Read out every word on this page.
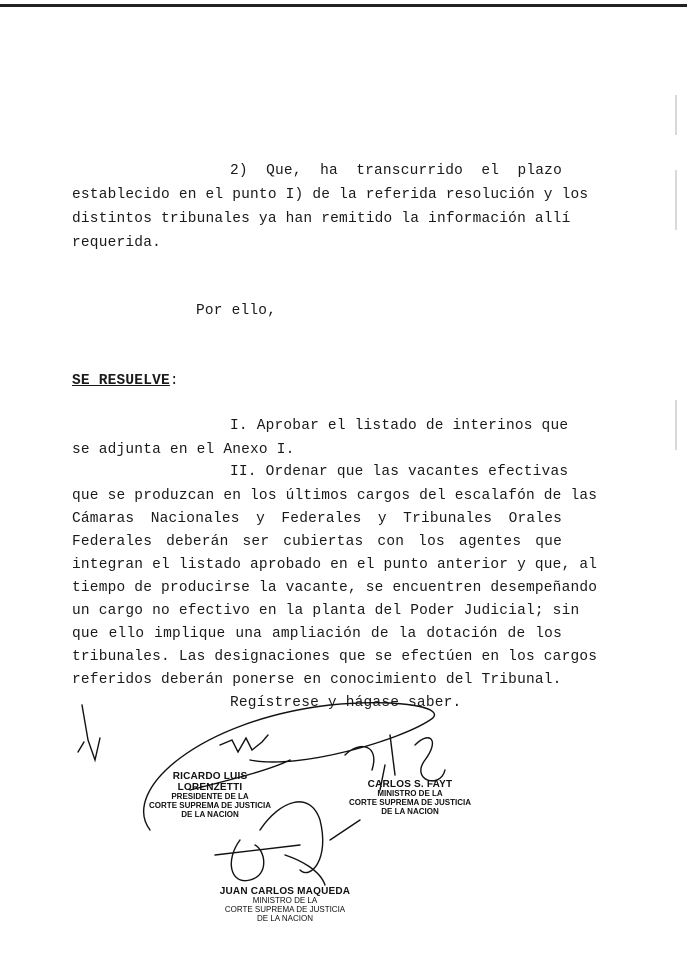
2) Que, ha transcurrido el plazo
establecido en el punto I) de la referida resolución y los
distintos tribunales ya han remitido la información allí
requerida.
Por ello,
SE RESUELVE:
I. Aprobar el listado de interinos que
se adjunta en el Anexo I.
II. Ordenar que las vacantes efectivas
que se produzcan en los últimos cargos del escalafón de las
Cámaras Nacionales y Federales y Tribunales Orales
Federales deberán ser cubiertas con los agentes que
integran el listado aprobado en el punto anterior y que, al
tiempo de producirse la vacante, se encuentren desempeñando
un cargo no efectivo en la planta del Poder Judicial; sin
que ello implique una ampliación de la dotación de los
tribunales. Las designaciones que se efectúen en los cargos
referidos deberán ponerse en conocimiento del Tribunal.
Regístrese y hágase saber.
RICARDO LUIS LORENZETTI
PRESIDENTE DE LA
CORTE SUPREMA DE JUSTICIA
DE LA NACION
CARLOS S. FAYT
MINISTRO DE LA
CORTE SUPREMA DE JUSTICIA
DE LA NACION
JUAN CARLOS MAQUEDA
MINISTRO DE LA
CORTE SUPREMA DE JUSTICIA
DE LA NACION
